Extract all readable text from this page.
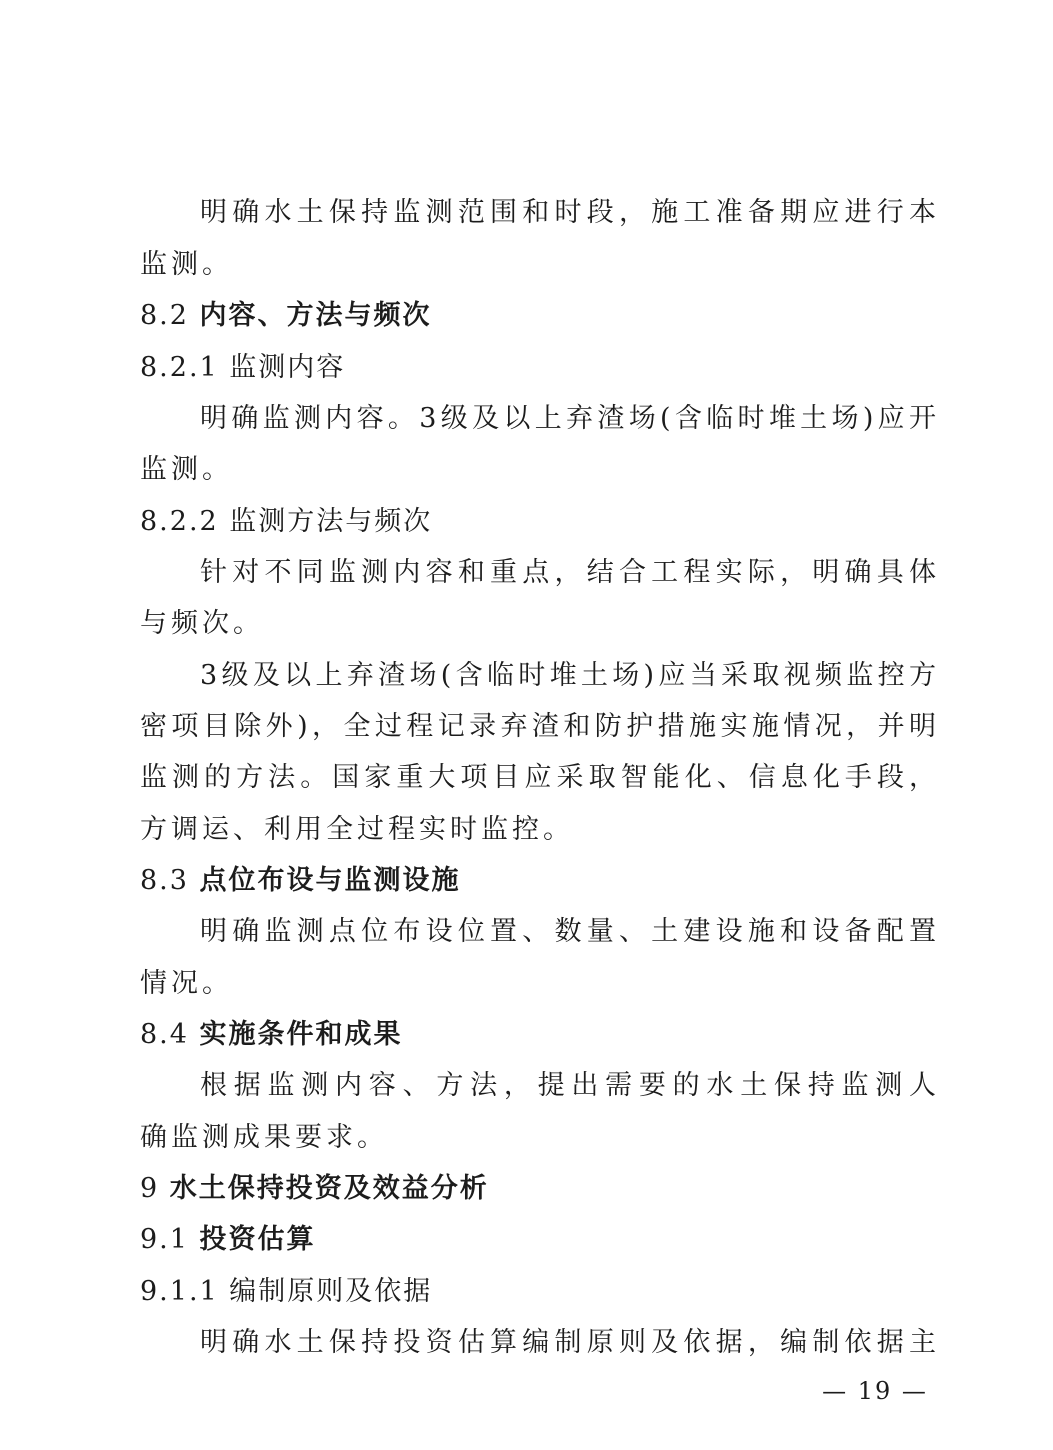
明确水土保持监测范围和时段，施工准备期应进行本
监测。
8.2 内容、方法与频次
8.2.1 监测内容
明确监测内容。3级及以上弃渣场(含临时堆土场)应开
监测。
8.2.2 监测方法与频次
针对不同监测内容和重点，结合工程实际，明确具体
与频次。
3级及以上弃渣场(含临时堆土场)应当采取视频监控方
密项目除外)，全过程记录弃渣和防护措施实施情况，并明
监测的方法。国家重大项目应采取智能化、信息化手段，
方调运、利用全过程实时监控。
8.3 点位布设与监测设施
明确监测点位布设位置、数量、土建设施和设备配置
情况。
8.4 实施条件和成果
根据监测内容、方法，提出需要的水土保持监测人
确监测成果要求。
9 水土保持投资及效益分析
9.1 投资估算
9.1.1 编制原则及依据
明确水土保持投资估算编制原则及依据，编制依据主
— 19 —
